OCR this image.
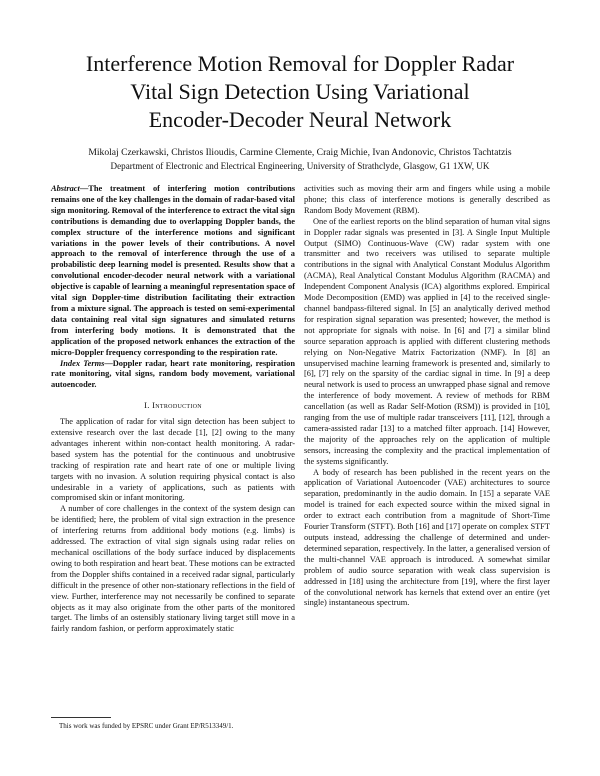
Interference Motion Removal for Doppler Radar
Vital Sign Detection Using Variational
Encoder-Decoder Neural Network
Mikolaj Czerkawski, Christos Ilioudis, Carmine Clemente, Craig Michie, Ivan Andonovic, Christos Tachtatzis
Department of Electronic and Electrical Engineering, University of Strathclyde, Glasgow, G1 1XW, UK

Abstract—The treatment of interfering motion contributions remains one of the key challenges in the domain of radar-based vital sign monitoring. Removal of the interference to extract the vital sign contributions is demanding due to overlapping Doppler bands, the complex structure of the interference motions and significant variations in the power levels of their contributions. A novel approach to the removal of interference through the use of a probabilistic deep learning model is presented. Results show that a convolutional encoder-decoder neural network with a variational objective is capable of learning a meaningful representation space of vital sign Doppler-time distribution facilitating their extraction from a mixture signal. The approach is tested on semi-experimental data containing real vital sign signatures and simulated returns from interfering body motions. It is demonstrated that the application of the proposed network enhances the extraction of the micro-Doppler frequency corresponding to the respiration rate.

Index Terms—Doppler radar, heart rate monitoring, respiration rate monitoring, vital signs, random body movement, variational autoencoder.

I. Introduction

The application of radar for vital sign detection has been subject to extensive research over the last decade [1], [2] owing to the many advantages inherent within non-contact health monitoring. A radar-based system has the potential for the continuous and unobtrusive tracking of respiration rate and heart rate of one or multiple living targets with no invasion. A solution requiring physical contact is also undesirable in a variety of applications, such as patients with compromised skin or infant monitoring.

A number of core challenges in the context of the system design can be identified; here, the problem of vital sign extraction in the presence of interfering returns from additional body motions (e.g. limbs) is addressed. The extraction of vital sign signals using radar relies on mechanical oscillations of the body surface induced by displacements owing to both respiration and heart beat. These motions can be extracted from the Doppler shifts contained in a received radar signal, particularly difficult in the presence of other non-stationary reflections in the field of view. Further, interference may not necessarily be confined to separate objects as it may also originate from the other parts of the monitored target. The limbs of an ostensibly stationary living target still move in a fairly random fashion, or perform approximately static

activities such as moving their arm and fingers while using a mobile phone; this class of interference motions is generally described as Random Body Movement (RBM).

One of the earliest reports on the blind separation of human vital signs in Doppler radar signals was presented in [3]. A Single Input Multiple Output (SIMO) Continuous-Wave (CW) radar system with one transmitter and two receivers was utilised to separate multiple contributions in the signal with Analytical Constant Modulus Algorithm (ACMA), Real Analytical Constant Modulus Algorithm (RACMA) and Independent Component Analysis (ICA) algorithms explored. Empirical Mode Decomposition (EMD) was applied in [4] to the received single-channel bandpass-filtered signal. In [5] an analytically derived method for respiration signal separation was presented; however, the method is not appropriate for signals with noise. In [6] and [7] a similar blind source separation approach is applied with different clustering methods relying on Non-Negative Matrix Factorization (NMF). In [8] an unsupervised machine learning framework is presented and, similarly to [6], [7] rely on the sparsity of the cardiac signal in time. In [9] a deep neural network is used to process an unwrapped phase signal and remove the interference of body movement. A review of methods for RBM cancellation (as well as Radar Self-Motion (RSM)) is provided in [10], ranging from the use of multiple radar transceivers [11], [12], through a camera-assisted radar [13] to a matched filter approach. [14] However, the majority of the approaches rely on the application of multiple sensors, increasing the complexity and the practical implementation of the systems significantly.

A body of research has been published in the recent years on the application of Variational Autoencoder (VAE) architectures to source separation, predominantly in the audio domain. In [15] a separate VAE model is trained for each expected source within the mixed signal in order to extract each contribution from a magnitude of Short-Time Fourier Transform (STFT). Both [16] and [17] operate on complex STFT outputs instead, addressing the challenge of determined and under-determined separation, respectively. In the latter, a generalised version of the multi-channel VAE approach is introduced. A somewhat similar problem of audio source separation with weak class supervision is addressed in [18] using the architecture from [19], where the first layer of the convolutional network has kernels that extend over an entire (yet single) instantaneous spectrum.

This work was funded by EPSRC under Grant EP/R513349/1.
